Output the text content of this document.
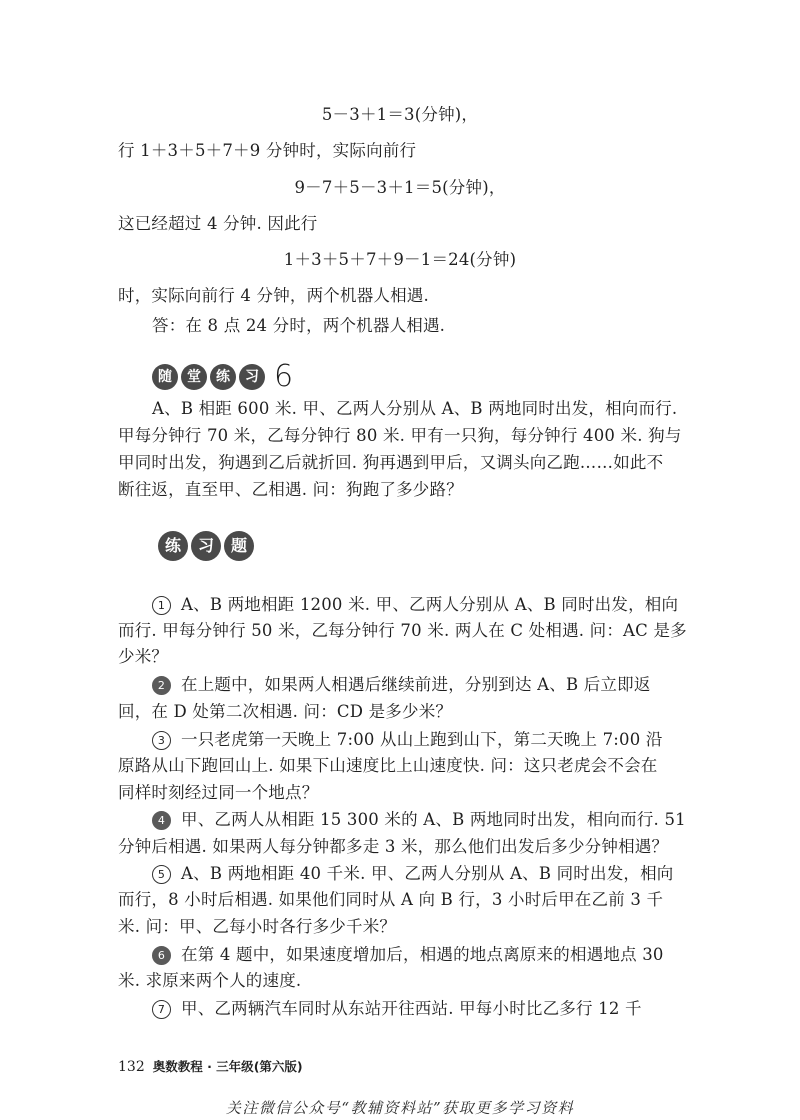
5－3＋1＝3(分钟)，
行 1＋3＋5＋7＋9 分钟时，实际向前行
9－7＋5－3＋1＝5(分钟)，
这已经超过 4 分钟. 因此行
1＋3＋5＋7＋9－1＝24(分钟)
时，实际向前行 4 分钟，两个机器人相遇.
答：在 8 点 24 分时，两个机器人相遇.
随	堂	练	习 6
A、B 相距 600 米. 甲、乙两人分别从 A、B 两地同时出发，相向而行.
甲每分钟行 70 米，乙每分钟行 80 米. 甲有一只狗，每分钟行 400 米. 狗与
甲同时出发，狗遇到乙后就折回. 狗再遇到甲后，又调头向乙跑……如此不
断往返，直至甲、乙相遇. 问：狗跑了多少路？
练	习	题
1 A、B 两地相距 1200 米. 甲、乙两人分别从 A、B 同时出发，相向
而行. 甲每分钟行 50 米，乙每分钟行 70 米. 两人在 C 处相遇. 问：AC 是多
少米？
2 在上题中，如果两人相遇后继续前进，分别到达 A、B 后立即返
回，在 D 处第二次相遇. 问：CD 是多少米？
3 一只老虎第一天晚上 7:00 从山上跑到山下，第二天晚上 7:00 沿
原路从山下跑回山上. 如果下山速度比上山速度快. 问：这只老虎会不会在
同样时刻经过同一个地点？
4 甲、乙两人从相距 15 300 米的 A、B 两地同时出发，相向而行. 51
分钟后相遇. 如果两人每分钟都多走 3 米，那么他们出发后多少分钟相遇？
5 A、B 两地相距 40 千米. 甲、乙两人分别从 A、B 同时出发，相向
而行，8 小时后相遇. 如果他们同时从 A 向 B 行，3 小时后甲在乙前 3 千
米. 问：甲、乙每小时各行多少千米？
6 在第 4 题中，如果速度增加后，相遇的地点离原来的相遇地点 30
米. 求原来两个人的速度.
7 甲、乙两辆汽车同时从东站开往西站. 甲每小时比乙多行 12 千
132 奥数教程 · 三年级(第六版)
关注微信公众号“教辅资料站”获取更多学习资料
